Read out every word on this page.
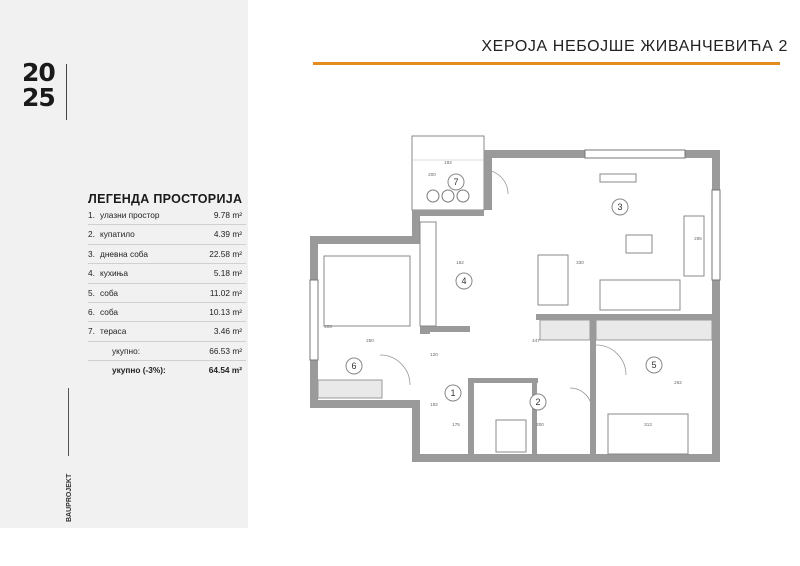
20
25
ЛЕГЕНДА ПРОСТОРИЈА
1. улазни простор	9.78 m²
2. купатило	4.39 m²
3. дневна соба	22.58 m²
4. кухиња	5.18 m²
5. соба	11.02 m²
6. соба	10.13 m²
7. тераса	3.46 m²
укупно:	66.53 m²
укупно (-3%):	64.54 m²
BAUPROJEKT
ХЕРОЈА НЕБОЈШЕ ЖИВАНЧЕВИЋА 2
7
3
4
6	5
1
2
192
200
285
162	330
447
403
250
120
262
182
300	313
175
